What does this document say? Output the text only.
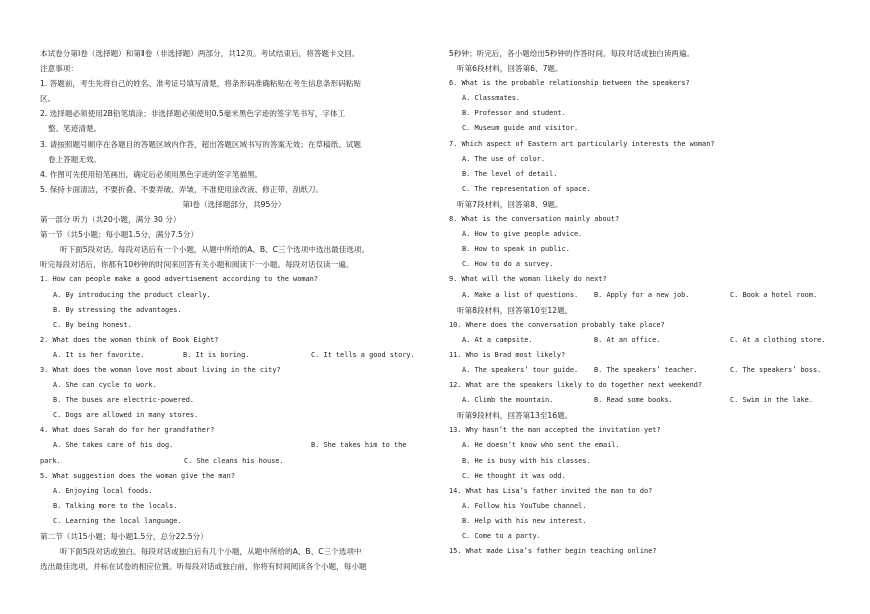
本试卷分第Ⅰ卷（选择题）和第Ⅱ卷（非选择题）两部分，共12页。考试结束后，将答题卡交回。
注意事项：
1. 答题前，考生先将自己的姓名、准考证号填写清楚，将条形码准确粘贴在考生信息条形码粘贴
区。
2. 选择题必须使用2B铅笔填涂；非选择题必须使用0.5毫米黑色字迹的签字笔书写，字体工
整、笔迹清楚。
3. 请按照题号顺序在各题目的答题区域内作答，超出答题区域书写的答案无效；在草稿纸、试题
卷上答题无效。
4. 作图可先使用铅笔画出，确定后必须用黑色字迹的签字笔描黑。
5. 保持卡面清洁，不要折叠、不要弄破、弄皱，不准使用涂改液、修正带、刮纸刀。
第Ⅰ卷（选择题部分，共95分）
第一部分 听力（共20小题，满分 30 分）
第一节（共5小题；每小题1.5分，满分7.5分）
听下面5段对话。每段对话后有一个小题，从题中所给的A、B、C三个选项中选出最佳选项。
听完每段对话后，你都有10秒钟的时间来回答有关小题和阅读下一小题。每段对话仅读一遍。
1. How can people make a good advertisement according to the woman?
A. By introducing the product clearly.
B. By stressing the advantages.
C. By being honest.
2. What does the woman think of Book Eight?
A. It is her favorite.	B. It is boring.	C. It tells a good story.
3. What does the woman love most about living in the city?
A. She can cycle to work.
B. The buses are electric-powered.
C. Dogs are allowed in many stores.
4. What does Sarah do for her grandfather?
A. She takes care of his dog.	B. She takes him to the
park.	C. She cleans his house.
5. What suggestion does the woman give the man?
A. Enjoying local foods.
B. Talking more to the locals.
C. Learning the local language.
第二节（共15小题；每小题1.5分，总分22.5分）
听下面5段对话或独白。每段对话或独白后有几个小题，从题中所给的A、B、C三个选项中
选出最佳选项，并标在试卷的相应位置。听每段对话或独白前，你将有时间阅读各个小题，每小题
5秒钟；听完后，各小题给出5秒钟的作答时间。每段对话或独白读两遍。
听第6段材料，回答第6、7题。
6. What is the probable relationship between the speakers?
A. Classmates.
B. Professor and student.
C. Museum guide and visitor.
7. Which aspect of Eastern art particularly interests the woman?
A. The use of color.
B. The level of detail.
C. The representation of space.
听第7段材料，回答第8、9题。
8. What is the conversation mainly about?
A. How to give people advice.
B. How to speak in public.
C. How to do a survey.
9. What will the woman likely do next?
A. Make a list of questions.	B. Apply for a new job.	C. Book a hotel room.
听第8段材料，回答第10至12题。
10. Where does the conversation probably take place?
A. At a campsite.	B. At an office.	C. At a clothing store.
11. Who is Brad most likely?
A. The speakers’ tour guide.	B. The speakers’ teacher.	C. The speakers’ boss.
12. What are the speakers likely to do together next weekend?
A. Climb the mountain.	B. Read some books.	C. Swim in the lake.
听第9段材料，回答第13至16题。
13. Why hasn’t the man accepted the invitation yet?
A. He doesn’t know who sent the email.
B. He is busy with his classes.
C. He thought it was odd.
14. What has Lisa’s father invited the man to do?
A. Follow his YouTube channel.
B. Help with his new interest.
C. Come to a party.
15. What made Lisa’s father begin teaching online?
